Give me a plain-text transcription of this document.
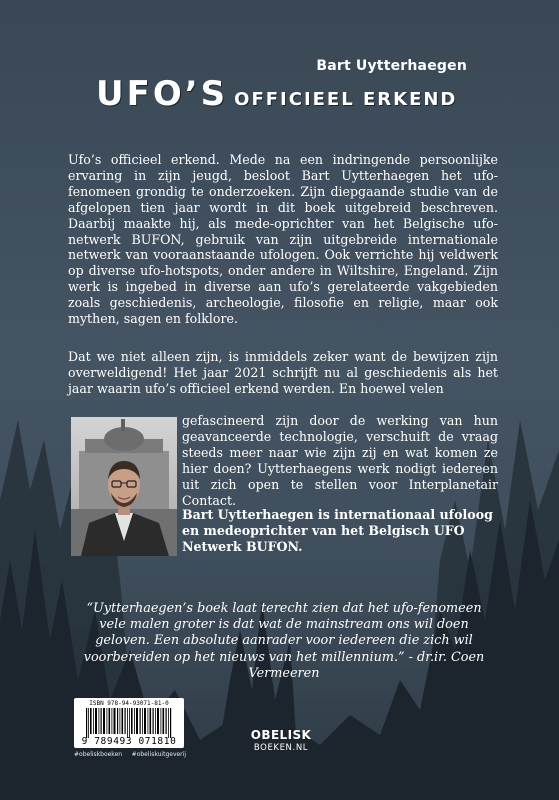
Bart Uytterhaegen
UFO’S OFFICIEEL ERKEND
Ufo’s officieel erkend. Mede na een indringende persoonlijke ervaring in zijn jeugd, besloot Bart Uytterhaegen het ufo-fenomeen grondig te onderzoeken. Zijn diepgaande studie van de afgelopen tien jaar wordt in dit boek uitgebreid beschreven. Daarbij maakte hij, als mede-oprichter van het Belgische ufo-netwerk BUFON, gebruik van zijn uitgebreide internationale netwerk van vooraanstaande ufologen. Ook verrichte hij veldwerk op diverse ufo-hotspots, onder andere in Wiltshire, Engeland. Zijn werk is ingebed in diverse aan ufo’s gerelateerde vakgebieden zoals geschiedenis, archeologie, filosofie en religie, maar ook mythen, sagen en folklore.
Dat we niet alleen zijn, is inmiddels zeker want de bewijzen zijn overweldigend! Het jaar 2021 schrijft nu al geschiedenis als het jaar waarin ufo’s officieel erkend werden. En hoewel velen
gefascineerd zijn door de werking van hun geavanceerde technologie, verschuift de vraag steeds meer naar wie zijn zij en wat komen ze hier doen? Uytterhaegens werk nodigt iedereen uit zich open te stellen voor Interplanetair Contact.
Bart Uytterhaegen is internationaal ufoloog en medeoprichter van het Belgisch UFO Netwerk BUFON.
“Uytterhaegen’s boek laat terecht zien dat het ufo-fenomeen vele malen groter is dat wat de mainstream ons wil doen geloven. Een absolute aanrader voor iedereen die zich wil voorbereiden op het nieuws van het millennium.” - dr.ir. Coen Vermeeren
ISBN 978-94-93071-81-0
9 789493 071810
#obeliskboeken #obeliskuitgeverij
OBELISK
BOEKEN.NL
